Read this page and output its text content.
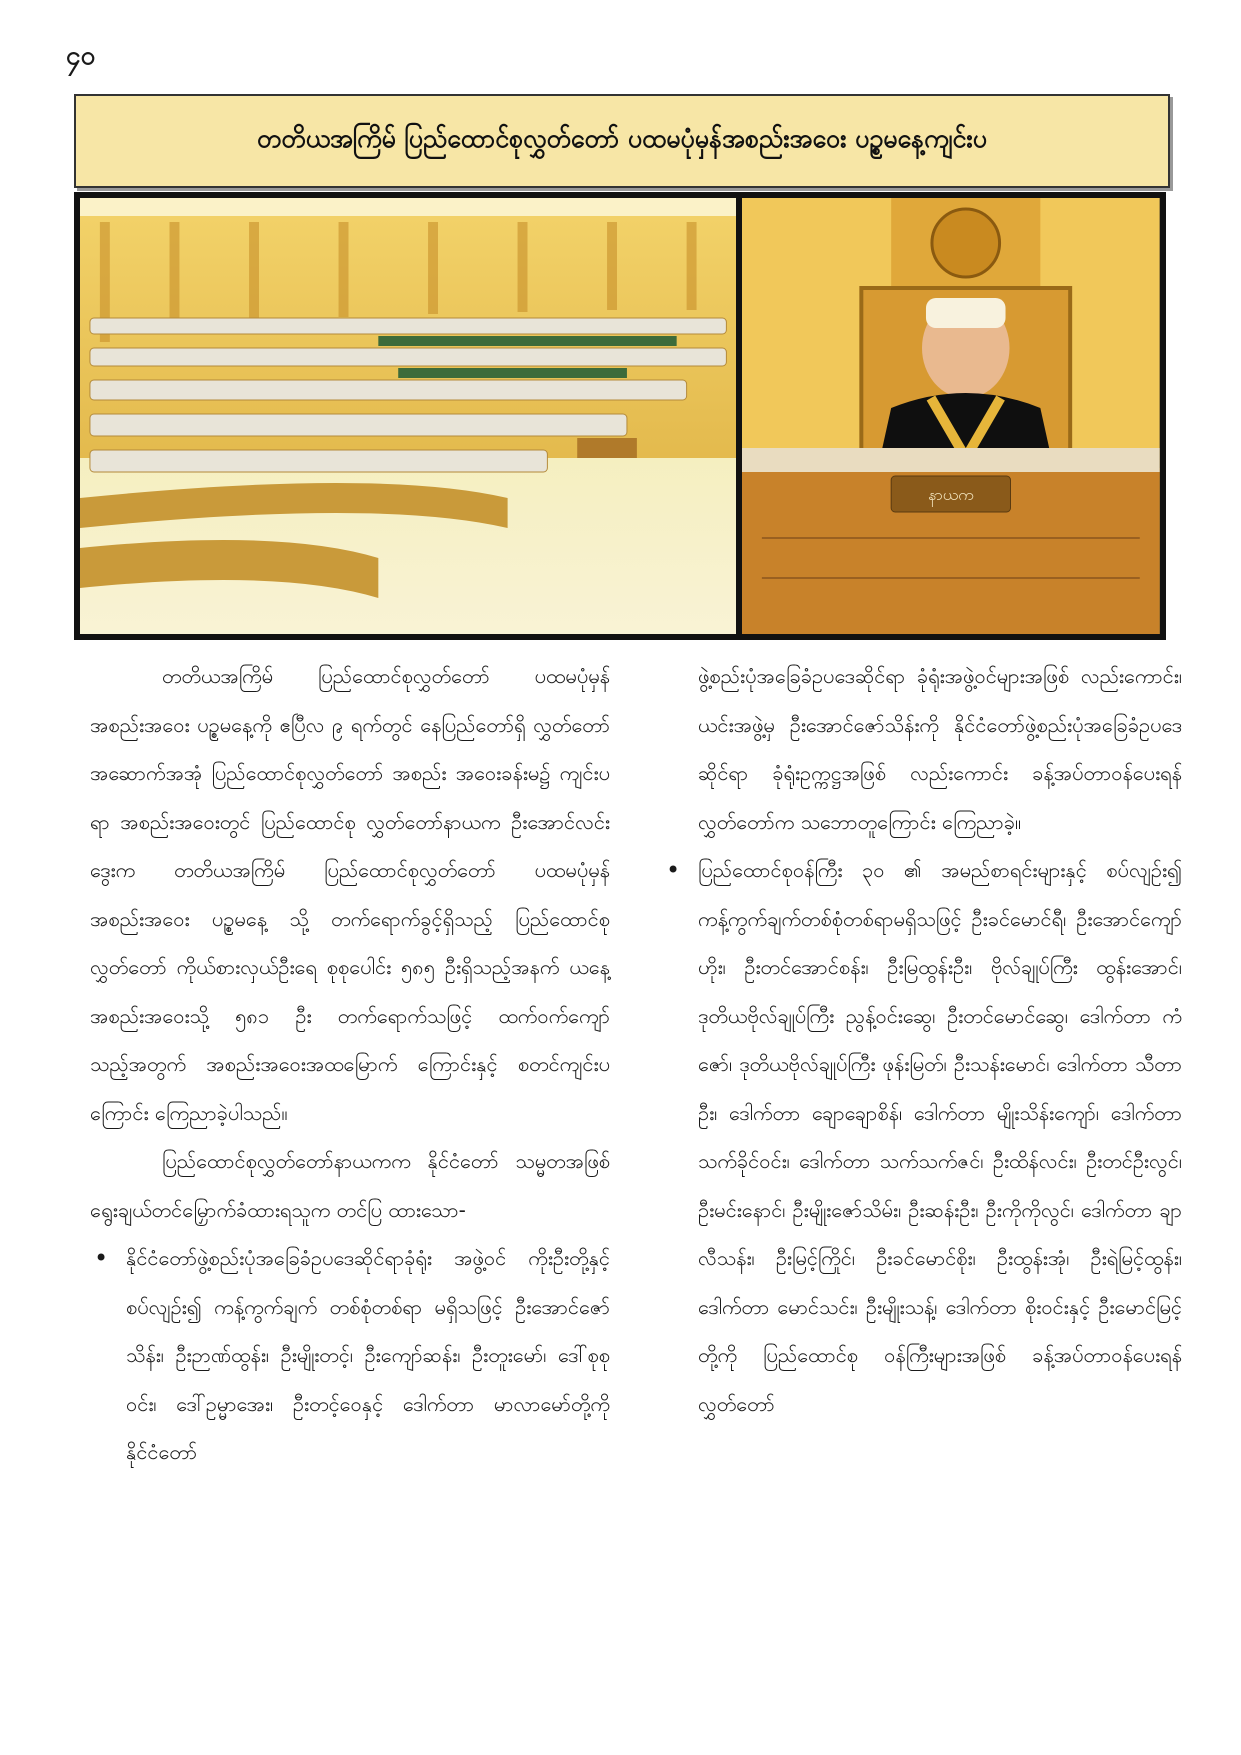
၄၀
တတိယအကြိမ် ပြည်ထောင်စုလွှတ်တော် ပထမပုံမှန်အစည်းအဝေး ပဉ္စမနေ့ကျင်းပ
နာယက

တတိယအကြိမ် ပြည်ထောင်စုလွှတ်တော် ပထမပုံမှန် အစည်းအဝေး ပဉ္စမနေ့ကို ဧပြီလ ၉ ရက်တွင် နေပြည်တော်ရှိ လွှတ်တော်အဆောက်အအုံ ပြည်ထောင်စုလွှတ်တော် အစည်း အဝေးခန်းမ၌ ကျင်းပရာ အစည်းအဝေးတွင် ပြည်ထောင်စု လွှတ်တော်နာယက ဦးအောင်လင်းဒွေးက တတိယအကြိမ် ပြည်ထောင်စုလွှတ်တော် ပထမပုံမှန်အစည်းအဝေး ပဉ္စမနေ့ သို့ တက်ရောက်ခွင့်ရှိသည့် ပြည်ထောင်စုလွှတ်တော် ကိုယ်စားလှယ်ဦးရေ စုစုပေါင်း ၅၈၅ ဦးရှိသည့်အနက် ယနေ့အစည်းအဝေးသို့ ၅၈၁ ဦး တက်ရောက်သဖြင့် ထက်ဝက်ကျော်သည့်အတွက် အစည်းအဝေးအထမြောက် ကြောင်းနှင့် စတင်ကျင်းပကြောင်း ကြေညာခဲ့ပါသည်။

ပြည်ထောင်စုလွှတ်တော်နာယကက နိုင်ငံတော် သမ္မတအဖြစ် ရွေးချယ်တင်မြှောက်ခံထားရသူက တင်ပြ ထားသော-

• နိုင်ငံတော်ဖွဲ့စည်းပုံအခြေခံဥပဒေဆိုင်ရာခုံရုံး အဖွဲ့ဝင် ကိုးဦးတို့နှင့်စပ်လျဉ်း၍ ကန့်ကွက်ချက် တစ်စုံတစ်ရာ မရှိသဖြင့် ဦးအောင်ဇော်သိန်း၊ ဦးဉာဏ်ထွန်း၊ ဦးမျိုးတင့်၊ ဦးကျော်ဆန်း၊ ဦးတူးမော်၊ ဒေါ်စုစုဝင်း၊ ဒေါ်ဥမ္မာအေး၊ ဦးတင့်ဝေနှင့် ဒေါက်တာ မာလာမော်တို့ကို နိုင်ငံတော်

ဖွဲ့စည်းပုံအခြေခံဥပဒေဆိုင်ရာ ခုံရုံးအဖွဲ့ဝင်များအဖြစ် လည်းကောင်း၊ ယင်းအဖွဲ့မှ ဦးအောင်ဇော်သိန်းကို နိုင်ငံတော်ဖွဲ့စည်းပုံအခြေခံဥပဒေဆိုင်ရာ ခုံရုံးဥက္ကဋ္ဌအဖြစ် လည်းကောင်း ခန့်အပ်တာဝန်ပေးရန် လွှတ်တော်က သဘောတူကြောင်း ကြေညာခဲ့။

• ပြည်ထောင်စုဝန်ကြီး ၃၀ ၏ အမည်စာရင်းများနှင့် စပ်လျဉ်း၍ ကန့်ကွက်ချက်တစ်စုံတစ်ရာမရှိသဖြင့် ဦးခင်မောင်ရီ၊ ဦးအောင်ကျော်ဟိုး၊ ဦးတင်အောင်စန်း၊ ဦးမြထွန်းဦး၊ ဗိုလ်ချုပ်ကြီး ထွန်းအောင်၊ ဒုတိယဗိုလ်ချုပ်ကြီး ညွန့်ဝင်းဆွေ၊ ဦးတင်မောင်ဆွေ၊ ဒေါက်တာ ကံဇော်၊ ဒုတိယဗိုလ်ချုပ်ကြီး ဖုန်းမြတ်၊ ဦးသန်းမောင်၊ ဒေါက်တာ သီတာဦး၊ ဒေါက်တာ ချောချောစိန်၊ ဒေါက်တာ မျိုးသိန်းကျော်၊ ဒေါက်တာ သက်ခိုင်ဝင်း၊ ဒေါက်တာ သက်သက်ဇင်၊ ဦးထိန်လင်း၊ ဦးတင်ဦးလွင်၊ ဦးမင်းနောင်၊ ဦးမျိုးဇော်သိမ်း၊ ဦးဆန်းဦး၊ ဦးကိုကိုလွင်၊ ဒေါက်တာ ချာလီသန်း၊ ဦးမြင့်ကြိုင်၊ ဦးခင်မောင်စိုး၊ ဦးထွန်းအုံ၊ ဦးရဲမြင့်ထွန်း၊ ဒေါက်တာ မောင်သင်း၊ ဦးမျိုးသန့်၊ ဒေါက်တာ စိုးဝင်းနှင့် ဦးမောင်မြင့်တို့ကို ပြည်ထောင်စု ဝန်ကြီးများအဖြစ် ခန့်အပ်တာဝန်ပေးရန် လွှတ်တော်
